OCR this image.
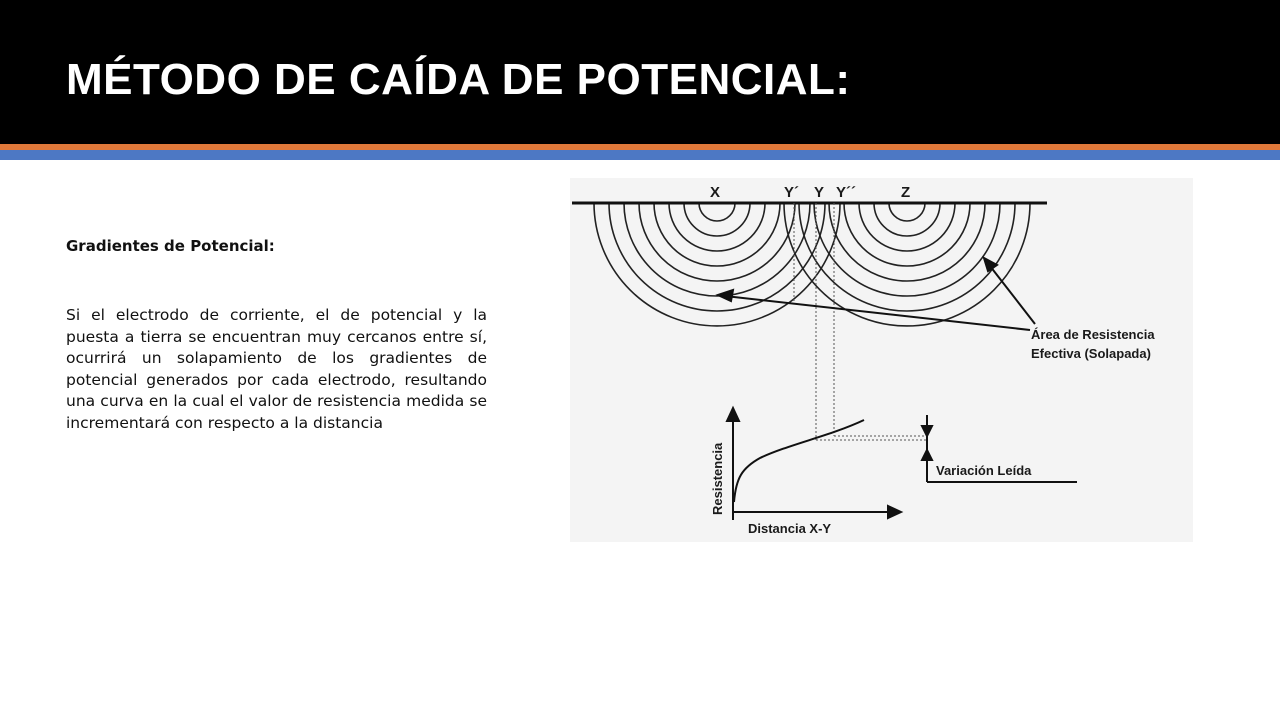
MÉTODO DE CAÍDA DE POTENCIAL:

Gradientes de Potencial:

Si el electrodo de corriente, el de potencial y la puesta a tierra se encuentran muy cercanos entre sí, ocurrirá un solapamiento de los gradientes de potencial generados por cada electrodo, resultando una curva en la cual el valor de resistencia medida se incrementará con respecto a la distancia

X	Y´ Y Y´´	Z
Área de Resistencia
Efectiva (Solapada)
Resistencia
Distancia X-Y
Variación Leída
